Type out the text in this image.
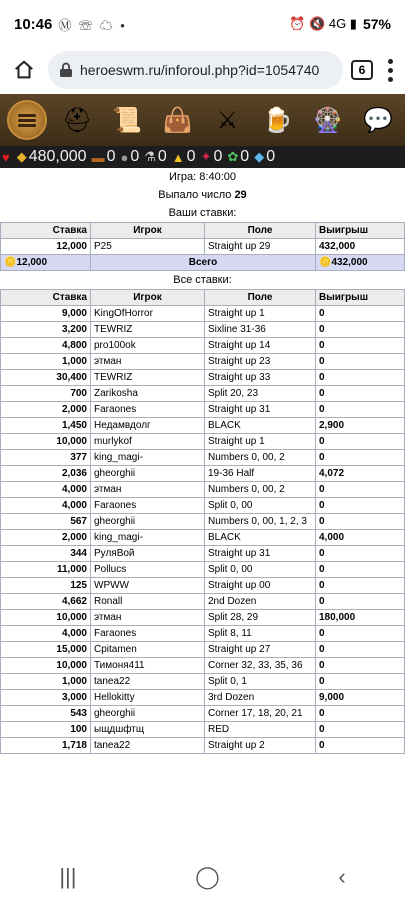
10:46 Ⓜ ☏ ☁ •	⏰ 🔇 4G ▮ 57%
heroeswm.ru/inforoul.php?id=1054740	6
⛑ 📜 👜	⚔	🍺 🎡 💬
♥ ◆ 480,000 ▬ 0 ● 0 ⚗ 0 ▲ 0 ✦ 0 ✿ 0 ◆ 0
Игра: 8:40:00
Выпало число 29
Ваши ставки:
Ставка	Игрок	Поле	Выигрыш
12,000	P25	Straight up 29	432,000
🪙12,000	Всего		🪙432,000
Все ставки:
Ставка	Игрок	Поле	Выигрыш
9,000	KingOfHorror	Straight up 1	0
3,200	TEWRIZ	Sixline 31-36	0
4,800	pro100ok	Straight up 14	0
1,000	этман	Straight up 23	0
30,400	TEWRIZ	Straight up 33	0
700	Zarikosha	Split 20, 23	0
2,000	Faraones	Straight up 31	0
1,450	Недамвдолг	BLACK	2,900
10,000	murlykof	Straight up 1	0
377	king_magi-	Numbers 0, 00, 2	0
2,036	gheorghii	19-36 Half	4,072
4,000	этман	Numbers 0, 00, 2	0
4,000	Faraones	Split 0, 00	0
567	gheorghii	Numbers 0, 00, 1, 2, 3	0
2,000	king_magi-	BLACK	4,000
344	РуляВой	Straight up 31	0
11,000	Pollucs	Split 0, 00	0
125	WPWW	Straight up 00	0
4,662	Ronall	2nd Dozen	0
10,000	этман	Split 28, 29	180,000
4,000	Faraones	Split 8, 11	0
15,000	Cpitamen	Straight up 27	0
10,000	Тимоня411	Corner 32, 33, 35, 36	0
1,000	tanea22	Split 0, 1	0
3,000	Hellokitty	3rd Dozen	9,000
543	gheorghii	Corner 17, 18, 20, 21	0
100	ыщдшфтщ	RED	0
1,718	tanea22	Straight up 2	0
|||	◯	‹
